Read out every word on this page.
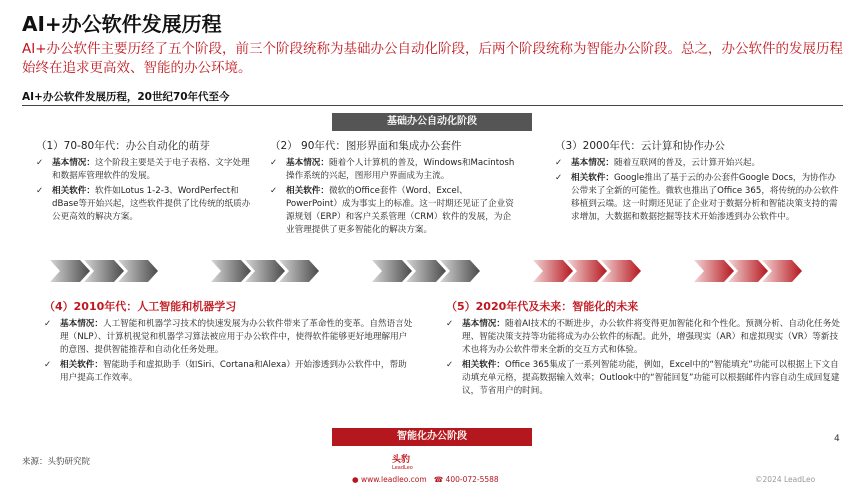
AI+办公软件发展历程
AI+办公软件主要历经了五个阶段，前三个阶段统称为基础办公自动化阶段，后两个阶段统称为智能办公阶段。总之，办公软件的发展历程始终在追求更高效、智能的办公环境。
AI+办公软件发展历程，20世纪70年代至今
基础办公自动化阶段
（1）70-80年代：办公自动化的萌芽
✓ 基本情况：这个阶段主要是关于电子表格、文字处理和数据库管理软件的发展。
✓ 相关软件：软件如Lotus 1-2-3、WordPerfect和dBase等开始兴起，这些软件提供了比传统的纸质办公更高效的解决方案。
（2） 90年代：图形界面和集成办公套件
✓ 基本情况：随着个人计算机的普及，Windows和Macintosh操作系统的兴起，图形用户界面成为主流。
✓ 相关软件：微软的Office套件（Word、Excel、PowerPoint）成为事实上的标准。这一时期还见证了企业资源规划（ERP）和客户关系管理（CRM）软件的发展，为企业管理提供了更多智能化的解决方案。
（3）2000年代：云计算和协作办公
✓ 基本情况：随着互联网的普及，云计算开始兴起。
✓ 相关软件：Google推出了基于云的办公套件Google Docs，为协作办公带来了全新的可能性。微软也推出了Office 365，将传统的办公软件移植到云端。这一时期还见证了企业对于数据分析和智能决策支持的需求增加，大数据和数据挖掘等技术开始渗透到办公软件中。
（4）2010年代：人工智能和机器学习
✓ 基本情况：人工智能和机器学习技术的快速发展为办公软件带来了革命性的变革。自然语言处理（NLP）、计算机视觉和机器学习算法被应用于办公软件中，使得软件能够更好地理解用户的意图、提供智能推荐和自动化任务处理。
✓ 相关软件：智能助手和虚拟助手（如Siri、Cortana和Alexa）开始渗透到办公软件中，帮助用户提高工作效率。
（5）2020年代及未来：智能化的未来
✓ 基本情况：随着AI技术的不断进步，办公软件将变得更加智能化和个性化。预测分析、自动化任务处理、智能决策支持等功能将成为办公软件的标配。此外，增强现实（AR）和虚拟现实（VR）等新技术也将为办公软件带来全新的交互方式和体验。
✓ 相关软件：Office 365集成了一系列智能功能，例如，Excel中的“智能填充”功能可以根据上下文自动填充单元格，提高数据输入效率；Outlook中的“智能回复”功能可以根据邮件内容自动生成回复建议，节省用户的时间。
智能化办公阶段	4
来源：头豹研究院	头豹
LeadLeo
● www.leadleo.com ☎ 400-072-5588	©2024 LeadLeo
